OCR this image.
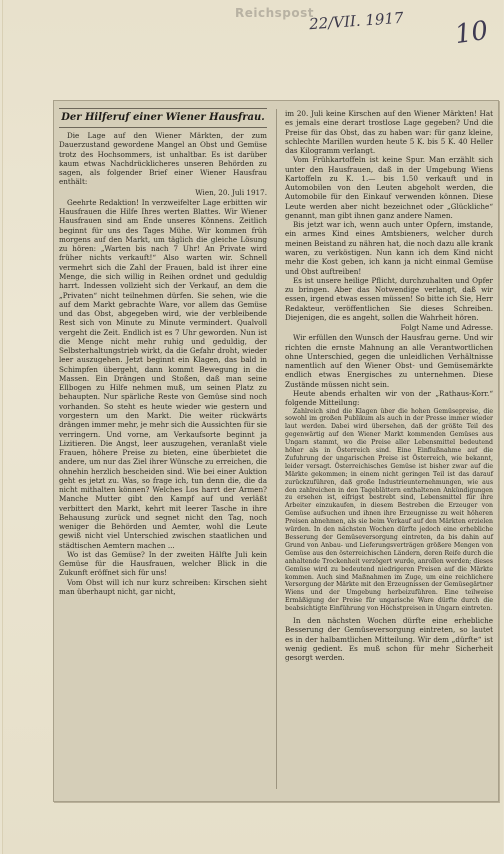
Reichspost
22/VII. 1917 10
Der Hilferuf einer Wiener Hausfrau.

Die Lage auf den Wiener Märkten, der zum Dauerzustand gewordene Mangel an Obst und Gemüse trotz des Hochsommers, ist unhaltbar. Es ist darüber kaum etwas Nachdrücklicheres unseren Behörden zu sagen, als folgender Brief einer Wiener Hausfrau enthält:

Wien, 20. Juli 1917.

Geehrte Redaktion! In verzweifelter Lage erbitten wir Hausfrauen die Hilfe Ihres werten Blattes. Wir Wiener Hausfrauen sind am Ende unseres Könnens. Zeitlich beginnt für uns des Tages Mühe. Wir kommen früh morgens auf den Markt, um täglich die gleiche Lösung zu hören: „Warten bis nach 7 Uhr! An Private wird früher nichts verkauft!“ Also warten wir. Schnell vermehrt sich die Zahl der Frauen, bald ist ihrer eine Menge, die sich willig in Reihen ordnet und geduldig harrt. Indessen vollzieht sich der Verkauf, an dem die „Privaten“ nicht teilnehmen dürfen. Sie sehen, wie die auf dem Markt gebrachte Ware, vor allem das Gemüse und das Obst, abgegeben wird, wie der verbleibende Rest sich von Minute zu Minute vermindert. Qualvoll vergeht die Zeit. Endlich ist es 7 Uhr geworden. Nun ist die Menge nicht mehr ruhig und geduldig, der Selbsterhaltungstrieb wirkt, da die Gefahr droht, wieder leer auszugehen. Jetzt beginnt ein Klagen, das bald in Schimpfen übergeht, dann kommt Bewegung in die Massen. Ein Drängen und Stoßen, daß man seine Ellbogen zu Hilfe nehmen muß, um seinen Platz zu behaupten. Nur spärliche Reste von Gemüse sind noch vorhanden. So steht es heute wieder wie gestern und vorgestern um den Markt. Die weiter rückwärts drängen immer mehr, je mehr sich die Aussichten für sie verringern. Und vorne, am Verkaufsorte beginnt ja Lizitieren. Die Angst, leer auszugehen, veranlaßt viele Frauen, höhere Preise zu bieten, eine überbietet die andere, um nur das Ziel ihrer Wünsche zu erreichen, die ohnehin herzlich bescheiden sind. Wie bei einer Auktion geht es jetzt zu. Was, so frage ich, tun denn die, die da nicht mithalten können? Welches Los harrt der Armen? Manche Mutter gibt den Kampf auf und verläßt verbittert den Markt, kehrt mit leerer Tasche in ihre Behausung zurück und segnet nicht den Tag, noch weniger die Behörden und Aemter, wohl die Leute gewiß nicht viel Unterschied zwischen staatlichen und städtischen Aemtern machen ...

Wo ist das Gemüse? In der zweiten Hälfte Juli kein Gemüse für die Hausfrauen, welcher Blick in die Zukunft eröffnet sich für uns!

Vom Obst will ich nur kurz schreiben: Kirschen sieht man überhaupt nicht, gar nicht,

im 20. Juli keine Kirschen auf den Wiener Märkten! Hat es jemals eine derart trostlose Lage gegeben? Und die Preise für das Obst, das zu haben war: für ganz kleine, schlechte Marillen wurden heute 5 K. bis 5 K. 40 Heller das Kilogramm verlangt.

Vom Frühkartoffeln ist keine Spur. Man erzählt sich unter den Hausfrauen, daß in der Umgebung Wiens Kartoffeln zu K. 1.— bis 1.50 verkauft und in Automobilen von den Leuten abgeholt werden, die Automobile für den Einkauf verwenden können. Diese Leute werden aber nicht bezeichnet oder „Glückliche“ genannt, man gibt ihnen ganz andere Namen.

Bis jetzt war ich, wenn auch unter Opfern, imstande, ein armes Kind eines Amtsbieners, welcher durch meinen Beistand zu nähren hat, die noch dazu alle krank waren, zu verköstigen. Nun kann ich dem Kind nicht mehr die Kost geben, ich kann ja nicht einmal Gemüse und Obst auftreiben!

Es ist unsere heilige Pflicht, durchzuhalten und Opfer zu bringen. Aber das Notwendige verlangt, daß wir essen, irgend etwas essen müssen! So bitte ich Sie, Herr Redakteur, veröffentlichen Sie dieses Schreiben. Diejenigen, die es angeht, sollen die Wahrheit hören.

Folgt Name und Adresse.

Wir erfüllen den Wunsch der Hausfrau gerne. Und wir richten die ernste Mahnung an alle Verantwortlichen ohne Unterschied, gegen die unleidlichen Verhältnisse namentlich auf den Wiener Obst- und Gemüsemärkte endlich etwas Energisches zu unternehmen. Diese Zustände müssen nicht sein.

Heute abends erhalten wir von der „Rathaus-Korr.“ folgende Mitteilung:

Zahlreich sind die Klagen über die hohen Gemüsepreise, die sowohl im großen Publikum als auch in der Presse immer wieder laut werden. Dabei wird übersehen, daß der größte Teil des gegenwärtig auf den Wiener Markt kommenden Gemüses aus Ungarn stammt, wo die Preise aller Lebensmittel bedeutend höher als in Österreich sind. Eine Einflußnahme auf die Zufuhrung der ungarischen Preise ist Österreich, wie bekannt, leider versagt. Österreichisches Gemüse ist bisher zwar auf die Märkte gekommen; in einem nicht geringen Teil ist das darauf zurückzuführen, daß große Industrieunternehmungen, wie aus den zahlreichen in den Tageblättern enthaltenen Ankündigungen zu ersehen ist, eifrigst bestrebt sind, Lebensmittel für ihre Arbeiter einzukaufen, in diesem Bestreben die Erzeuger von Gemüse aufsuchen und ihnen ihre Erzeugnisse zu weit höheren Preisen abnehmen, als sie beim Verkauf auf den Märkten erzielen würden. In den nächsten Wochen dürfte jedoch eine erhebliche Besserung der Gemüseversorgung eintreten, da bis dahin auf Grund von Anbau- und Lieferungsverträgen größere Mengen von Gemüse aus den österreichischen Ländern, deren Reife durch die anhaltende Trockenheit verzögert wurde, anrollen werden; dieses Gemüse wird zu bedeutend niedrigeren Preisen auf die Märkte kommen. Auch sind Maßnahmen im Zuge, um eine reichlichere Versorgung der Märkte mit den Erzeugnissen der Gemüsegärtner Wiens und der Umgebung herbeizuführen. Eine teilweise Ermäßigung der Preise für ungarische Ware dürfte durch die beabsichtigte Einführung von Höchstpreisen in Ungarn eintreten.

In den nächsten Wochen dürfte eine erhebliche Besserung der Gemüseversorgung eintreten, so lautet es in der halbamtlichen Mitteilung. Wir dem „dürfte“ ist wenig gedient. Es muß schon für mehr Sicherheit gesorgt werden.
